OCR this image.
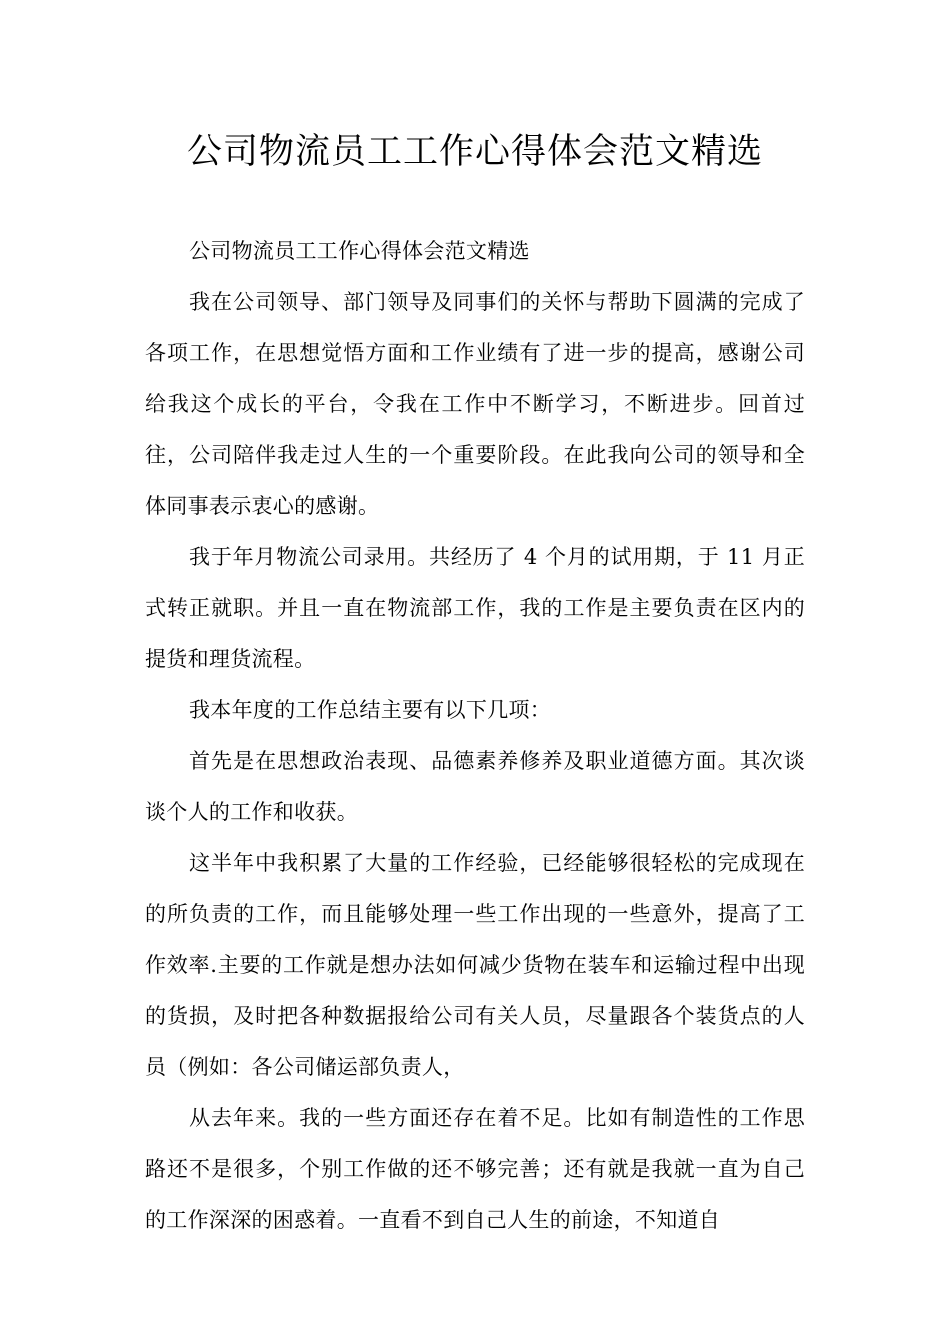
公司物流员工工作心得体会范文精选

公司物流员工工作心得体会范文精选

我在公司领导、部门领导及同事们的关怀与帮助下圆满的完成了各项工作，在思想觉悟方面和工作业绩有了进一步的提高，感谢公司给我这个成长的平台，令我在工作中不断学习，不断进步。回首过往，公司陪伴我走过人生的一个重要阶段。在此我向公司的领导和全体同事表示衷心的感谢。

我于年月物流公司录用。共经历了 4 个月的试用期，于 11 月正式转正就职。并且一直在物流部工作，我的工作是主要负责在区内的提货和理货流程。

我本年度的工作总结主要有以下几项：

首先是在思想政治表现、品德素养修养及职业道德方面。其次谈谈个人的工作和收获。

这半年中我积累了大量的工作经验，已经能够很轻松的完成现在的所负责的工作，而且能够处理一些工作出现的一些意外，提高了工作效率.主要的工作就是想办法如何减少货物在装车和运输过程中出现的货损，及时把各种数据报给公司有关人员，尽量跟各个装货点的人员（例如：各公司储运部负责人，

从去年来。我的一些方面还存在着不足。比如有制造性的工作思路还不是很多，个别工作做的还不够完善；还有就是我就一直为自己的工作深深的困惑着。一直看不到自己人生的前途，不知道自
